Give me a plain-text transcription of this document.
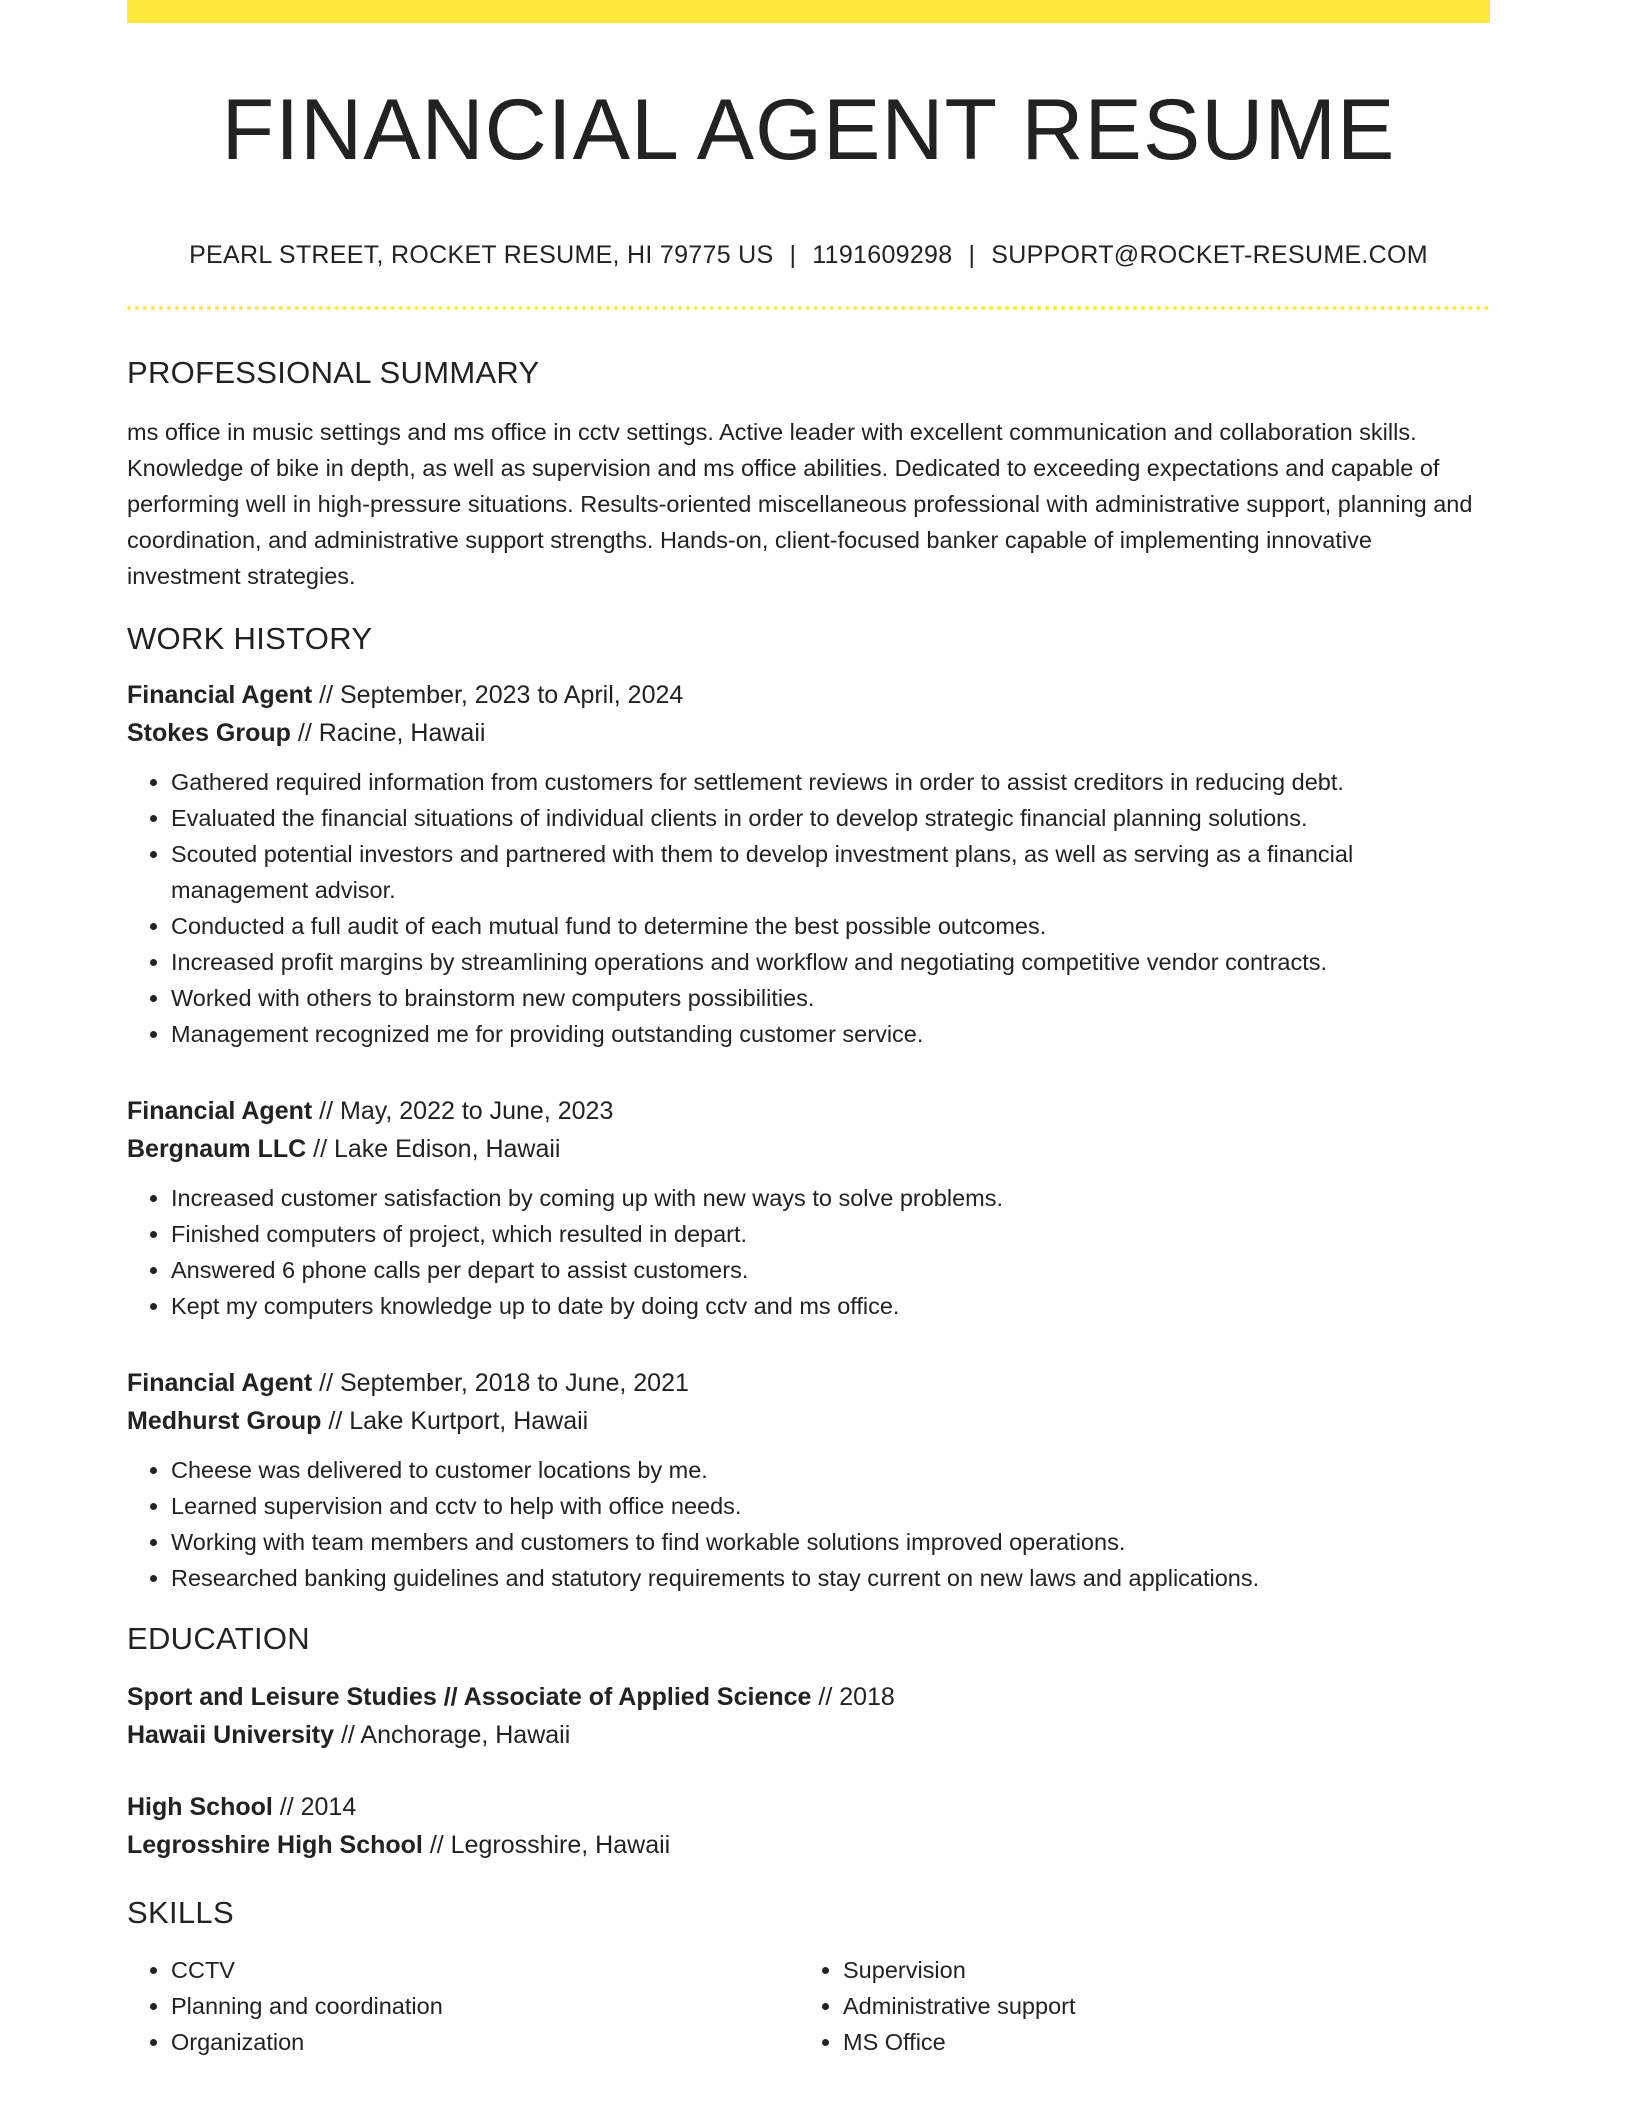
FINANCIAL AGENT RESUME
PEARL STREET, ROCKET RESUME, HI 79775 US | 1191609298 | SUPPORT@ROCKET-RESUME.COM
PROFESSIONAL SUMMARY
ms office in music settings and ms office in cctv settings. Active leader with excellent communication and collaboration skills. Knowledge of bike in depth, as well as supervision and ms office abilities. Dedicated to exceeding expectations and capable of performing well in high-pressure situations. Results-oriented miscellaneous professional with administrative support, planning and coordination, and administrative support strengths. Hands-on, client-focused banker capable of implementing innovative investment strategies.
WORK HISTORY
Financial Agent // September, 2023 to April, 2024
Stokes Group // Racine, Hawaii
• Gathered required information from customers for settlement reviews in order to assist creditors in reducing debt.
• Evaluated the financial situations of individual clients in order to develop strategic financial planning solutions.
• Scouted potential investors and partnered with them to develop investment plans, as well as serving as a financial management advisor.
• Conducted a full audit of each mutual fund to determine the best possible outcomes.
• Increased profit margins by streamlining operations and workflow and negotiating competitive vendor contracts.
• Worked with others to brainstorm new computers possibilities.
• Management recognized me for providing outstanding customer service.
Financial Agent // May, 2022 to June, 2023
Bergnaum LLC // Lake Edison, Hawaii
• Increased customer satisfaction by coming up with new ways to solve problems.
• Finished computers of project, which resulted in depart.
• Answered 6 phone calls per depart to assist customers.
• Kept my computers knowledge up to date by doing cctv and ms office.
Financial Agent // September, 2018 to June, 2021
Medhurst Group // Lake Kurtport, Hawaii
• Cheese was delivered to customer locations by me.
• Learned supervision and cctv to help with office needs.
• Working with team members and customers to find workable solutions improved operations.
• Researched banking guidelines and statutory requirements to stay current on new laws and applications.
EDUCATION
Sport and Leisure Studies // Associate of Applied Science // 2018
Hawaii University // Anchorage, Hawaii
High School // 2014
Legrosshire High School // Legrosshire, Hawaii
SKILLS
• CCTV
• Planning and coordination
• Organization
• Supervision
• Administrative support
• MS Office
